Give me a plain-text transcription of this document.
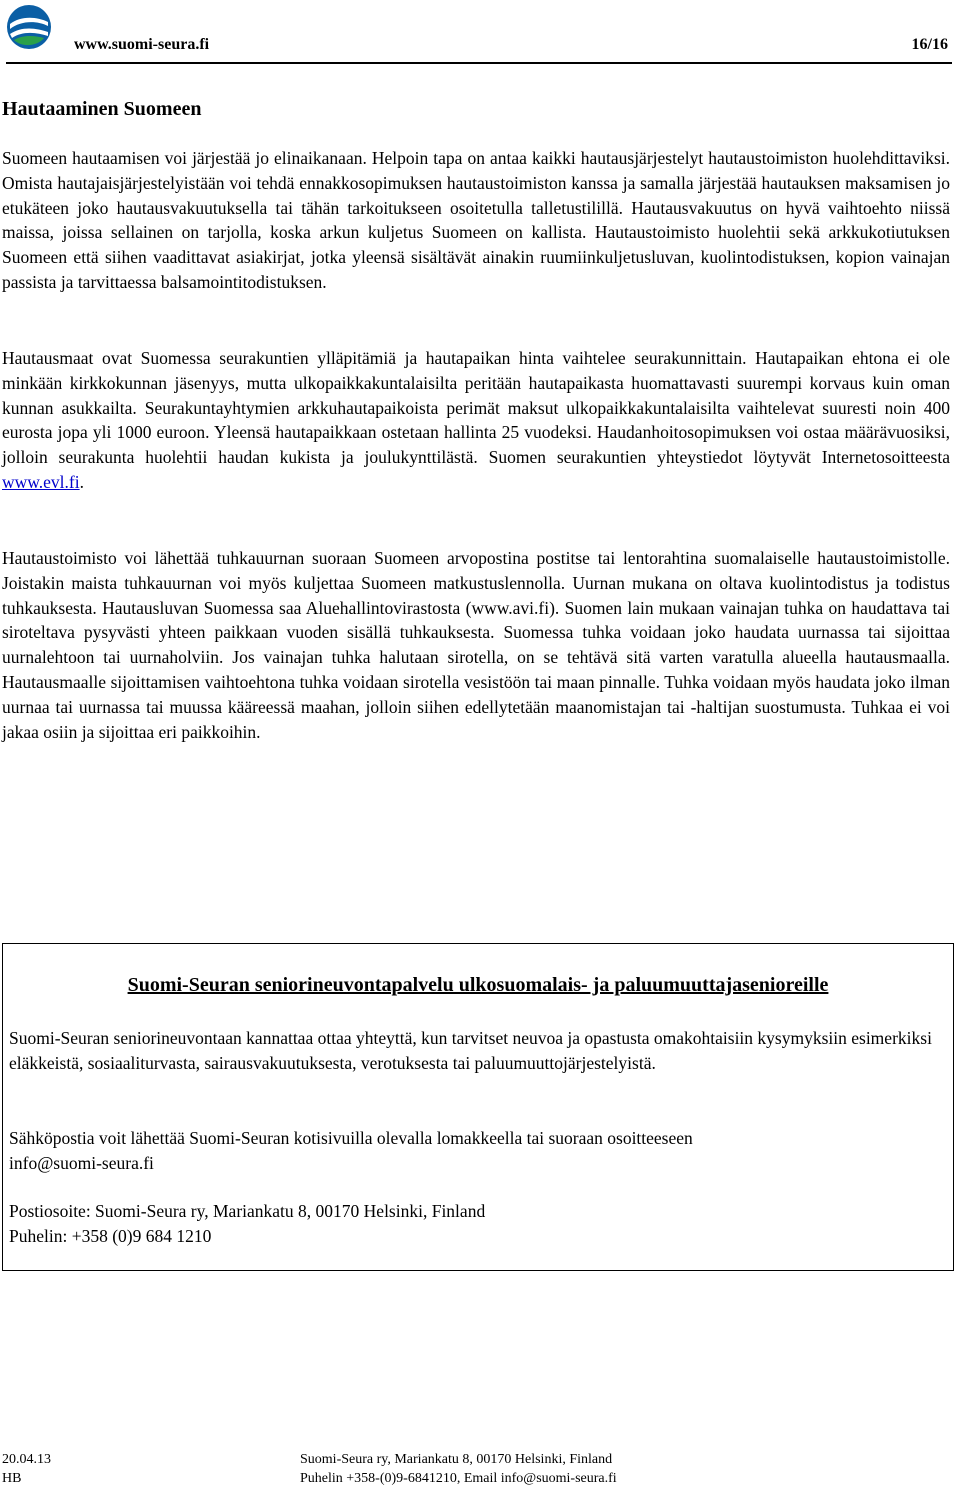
www.suomi-seura.fi	16/16
Hautaaminen Suomeen

Suomeen hautaamisen voi järjestää jo elinaikanaan. Helpoin tapa on antaa kaikki hautausjärjestelyt hautaustoimiston huolehdittaviksi. Omista hautajaisjärjestelyistään voi tehdä ennakkosopimuksen hautaustoimiston kanssa ja samalla järjestää hautauksen maksamisen jo etukäteen joko hautausvakuutuksella tai tähän tarkoitukseen osoitetulla talletustilillä. Hautausvakuutus on hyvä vaihtoehto niissä maissa, joissa sellainen on tarjolla, koska arkun kuljetus Suomeen on kallista. Hautaustoimisto huolehtii sekä arkkukotiutuksen Suomeen että siihen vaadittavat asiakirjat, jotka yleensä sisältävät ainakin ruumiinkuljetusluvan, kuolintodistuksen, kopion vainajan passista ja tarvittaessa balsamointitodistuksen.

Hautausmaat ovat Suomessa seurakuntien ylläpitämiä ja hautapaikan hinta vaihtelee seurakunnittain. Hautapaikan ehtona ei ole minkään kirkkokunnan jäsenyys, mutta ulkopaikkakuntalaisilta peritään hautapaikasta huomattavasti suurempi korvaus kuin oman kunnan asukkailta. Seurakuntayhtymien arkkuhautapaikoista perimät maksut ulkopaikkakuntalaisilta vaihtelevat suuresti noin 400 eurosta jopa yli 1000 euroon. Yleensä hautapaikkaan ostetaan hallinta 25 vuodeksi. Haudanhoitosopimuksen voi ostaa määrävuosiksi, jolloin seurakunta huolehtii haudan kukista ja joulukynttilästä. Suomen seurakuntien yhteystiedot löytyvät Internetosoitteesta www.evl.fi.

Hautaustoimisto voi lähettää tuhkauurnan suoraan Suomeen arvopostina postitse tai lentorahtina suomalaiselle hautaustoimistolle. Joistakin maista tuhkauurnan voi myös kuljettaa Suomeen matkustuslennolla. Uurnan mukana on oltava kuolintodistus ja todistus tuhkauksesta. Hautausluvan Suomessa saa Aluehallintovirastosta (www.avi.fi). Suomen lain mukaan vainajan tuhka on haudattava tai siroteltava pysyvästi yhteen paikkaan vuoden sisällä tuhkauksesta. Suomessa tuhka voidaan joko haudata uurnassa tai sijoittaa uurnalehtoon tai uurnaholviin. Jos vainajan tuhka halutaan sirotella, on se tehtävä sitä varten varatulla alueella hautausmaalla. Hautausmaalle sijoittamisen vaihtoehtona tuhka voidaan sirotella vesistöön tai maan pinnalle. Tuhka voidaan myös haudata joko ilman uurnaa tai uurnassa tai muussa kääreessä maahan, jolloin siihen edellytetään maanomistajan tai -haltijan suostumusta. Tuhkaa ei voi jakaa osiin ja sijoittaa eri paikkoihin.

Suomi-Seuran seniorineuvontapalvelu ulkosuomalais- ja paluumuuttajasenioreille

Suomi-Seuran seniorineuvontaan kannattaa ottaa yhteyttä, kun tarvitset neuvoa ja opastusta omakohtaisiin kysymyksiin esimerkiksi eläkkeistä, sosiaaliturvasta, sairausvakuutuksesta, verotuksesta tai paluumuuttojärjestelyistä.

Sähköpostia voit lähettää Suomi-Seuran kotisivuilla olevalla lomakkeella tai suoraan osoitteeseen
info@suomi-seura.fi

Postiosoite: Suomi-Seura ry, Mariankatu 8, 00170 Helsinki, Finland
Puhelin: +358 (0)9 684 1210

20.04.13
HB
Suomi-Seura ry, Mariankatu 8, 00170 Helsinki, Finland
Puhelin +358-(0)9-6841210, Email info@suomi-seura.fi
